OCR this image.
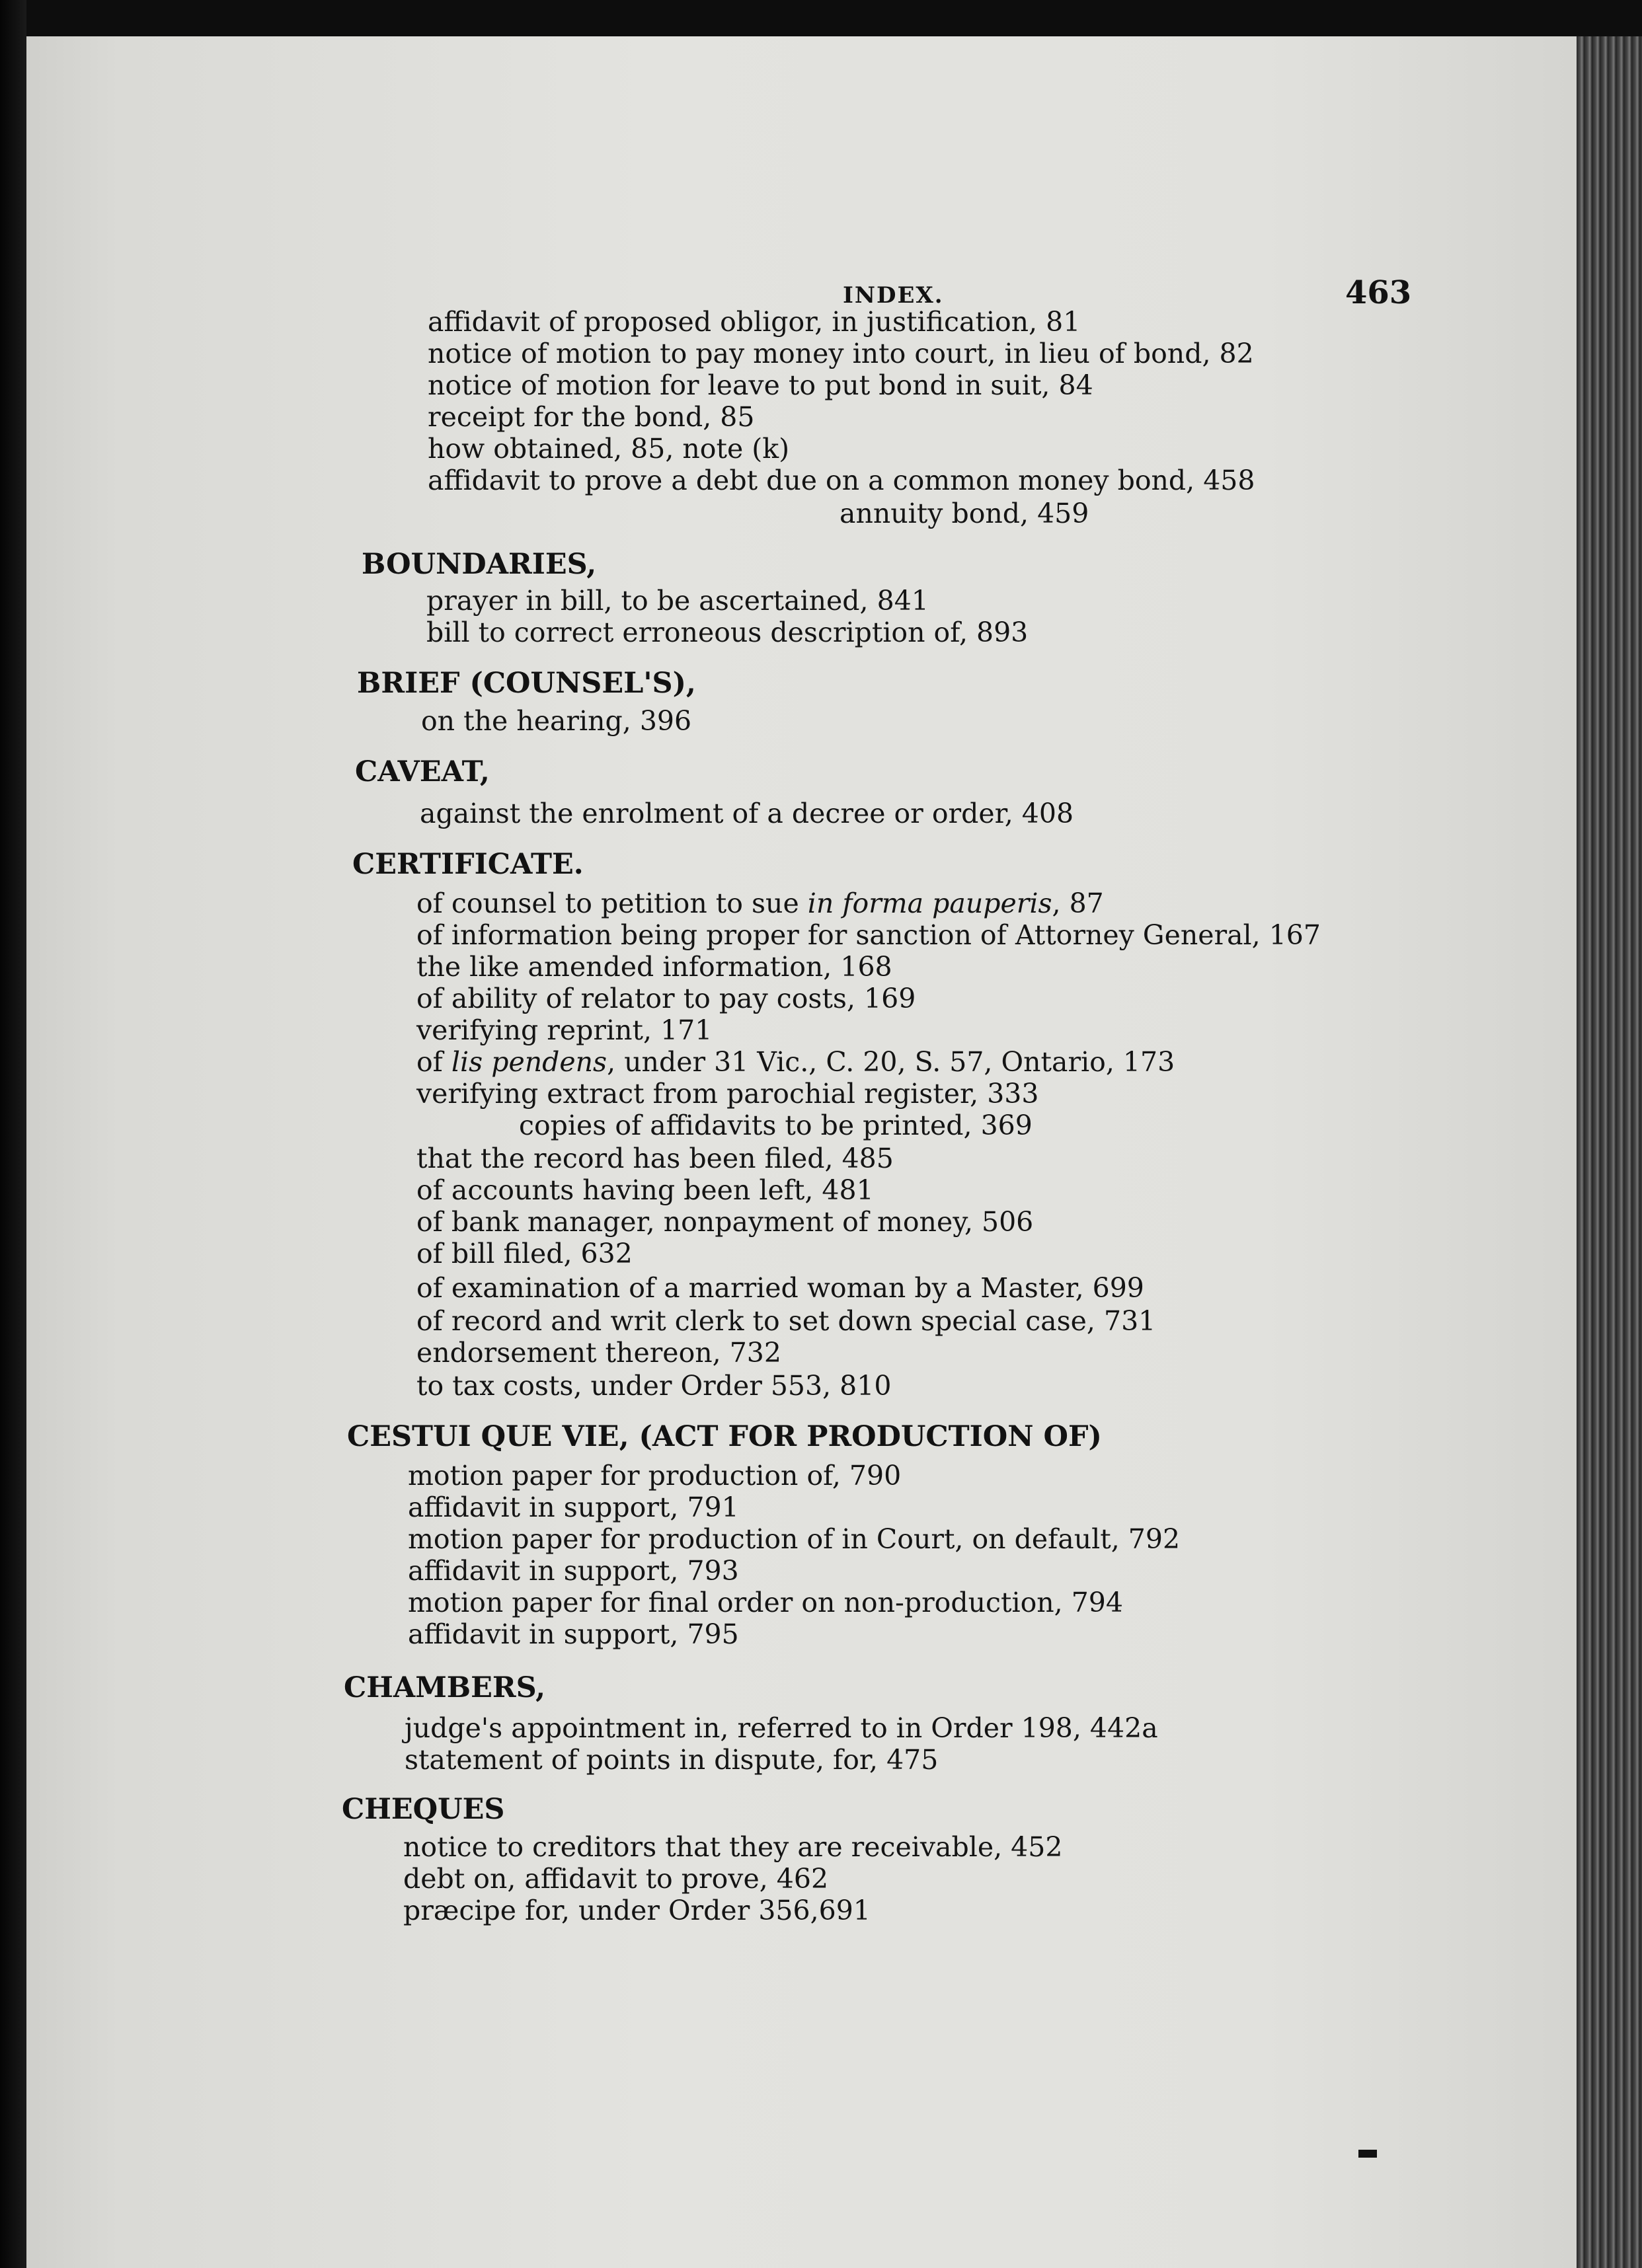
INDEX.	463
affidavit of proposed obligor, in justification, 81
notice of motion to pay money into court, in lieu of bond, 82
notice of motion for leave to put bond in suit, 84
receipt for the bond, 85
how obtained, 85, note (k)
affidavit to prove a debt due on a common money bond, 458
annuity bond, 459
BOUNDARIES,
prayer in bill, to be ascertained, 841
bill to correct erroneous description of, 893
BRIEF (COUNSEL'S),
on the hearing, 396
CAVEAT,
against the enrolment of a decree or order, 408
CERTIFICATE.
of counsel to petition to sue in forma pauperis, 87
of information being proper for sanction of Attorney General, 167
the like amended information, 168
of ability of relator to pay costs, 169
verifying reprint, 171
of lis pendens, under 31 Vic., C. 20, S. 57, Ontario, 173
verifying extract from parochial register, 333
copies of affidavits to be printed, 369
that the record has been filed, 485
of accounts having been left, 481
of bank manager, nonpayment of money, 506
of bill filed, 632
of examination of a married woman by a Master, 699
of record and writ clerk to set down special case, 731
endorsement thereon, 732
to tax costs, under Order 553, 810
CESTUI QUE VIE, (ACT FOR PRODUCTION OF)
motion paper for production of, 790
affidavit in support, 791
motion paper for production of in Court, on default, 792
affidavit in support, 793
motion paper for final order on non-production, 794
affidavit in support, 795
CHAMBERS,
judge's appointment in, referred to in Order 198, 442a
statement of points in dispute, for, 475
CHEQUES
notice to creditors that they are receivable, 452
debt on, affidavit to prove, 462
præcipe for, under Order 356,691
